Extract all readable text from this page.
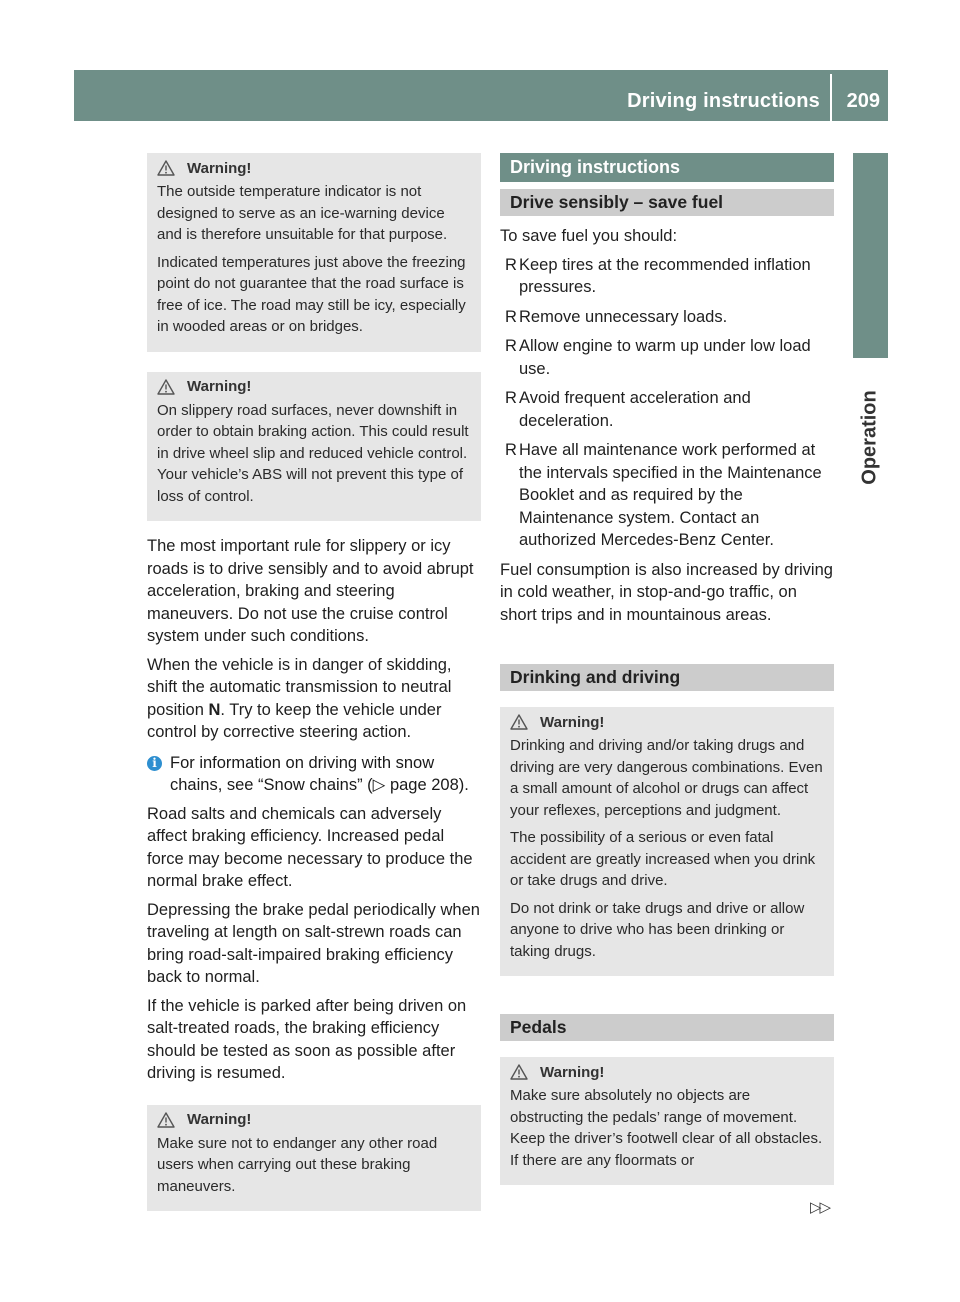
Driving instructions 209
Operation
Warning!

The outside temperature indicator is not designed to serve as an ice-warning device and is therefore unsuitable for that purpose.

Indicated temperatures just above the freezing point do not guarantee that the road surface is free of ice. The road may still be icy, especially in wooded areas or on bridges.

Warning!

On slippery road surfaces, never downshift in order to obtain braking action. This could result in drive wheel slip and reduced vehicle control. Your vehicle’s ABS will not prevent this type of loss of control.

The most important rule for slippery or icy roads is to drive sensibly and to avoid abrupt acceleration, braking and steering maneuvers. Do not use the cruise control system under such conditions.

When the vehicle is in danger of skidding, shift the automatic transmission to neutral position N. Try to keep the vehicle under control by corrective steering action.

i For information on driving with snow chains, see “Snow chains” (▷ page 208).

Road salts and chemicals can adversely affect braking efficiency. Increased pedal force may become necessary to produce the normal brake effect.

Depressing the brake pedal periodically when traveling at length on salt-strewn roads can bring road-salt-impaired braking efficiency back to normal.

If the vehicle is parked after being driven on salt-treated roads, the braking efficiency should be tested as soon as possible after driving is resumed.

Warning!

Make sure not to endanger any other road users when carrying out these braking maneuvers.

Driving instructions
Drive sensibly – save fuel

To save fuel you should:

R Keep tires at the recommended inflation pressures.
R Remove unnecessary loads.
R Allow engine to warm up under low load use.
R Avoid frequent acceleration and deceleration.
R Have all maintenance work performed at the intervals specified in the Maintenance Booklet and as required by the Maintenance system. Contact an authorized Mercedes-Benz Center.

Fuel consumption is also increased by driving in cold weather, in stop-and-go traffic, on short trips and in mountainous areas.

Drinking and driving
Warning!

Drinking and driving and/or taking drugs and driving are very dangerous combinations. Even a small amount of alcohol or drugs can affect your reflexes, perceptions and judgment.

The possibility of a serious or even fatal accident are greatly increased when you drink or take drugs and drive.

Do not drink or take drugs and drive or allow anyone to drive who has been drinking or taking drugs.

Pedals
Warning!

Make sure absolutely no objects are obstructing the pedals’ range of movement. Keep the driver’s footwell clear of all obstacles. If there are any floormats or

▷▷
